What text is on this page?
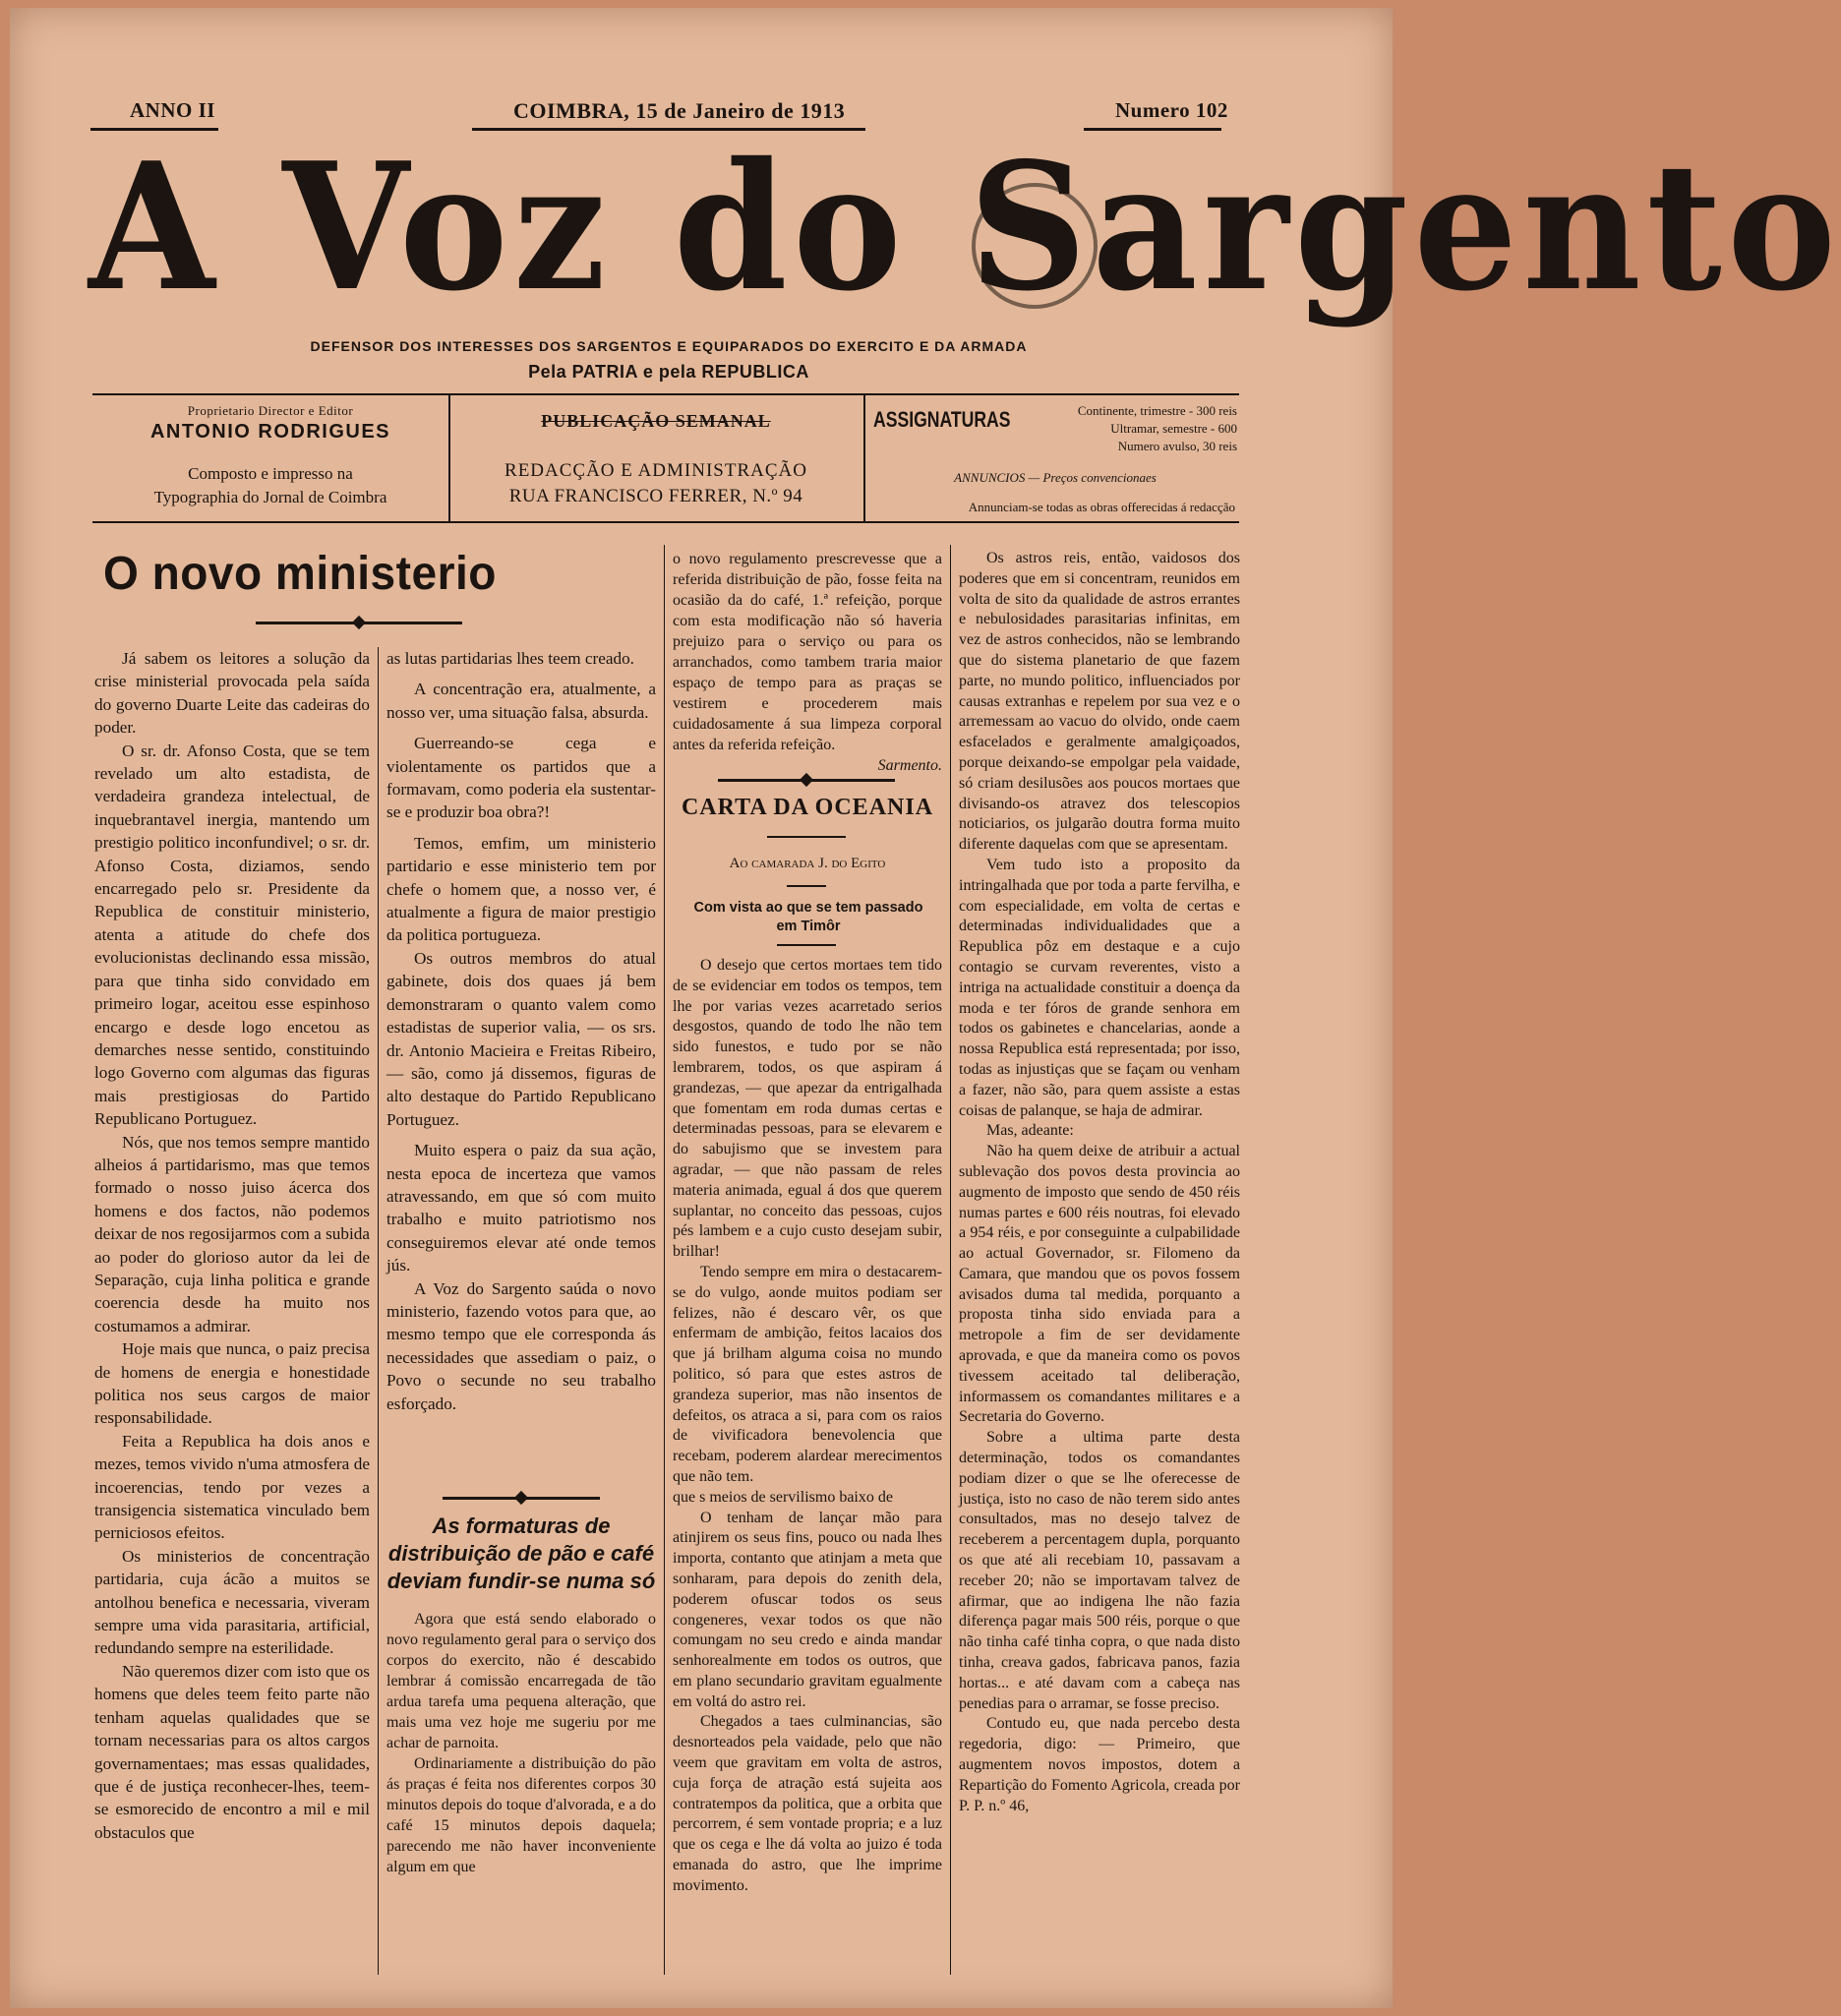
ANNO II	COIMBRA, 15 de Janeiro de 1913	Numero 102
A Voz do Sargento
DEFENSOR DOS INTERESSES DOS SARGENTOS E EQUIPARADOS DO EXERCITO E DA ARMADA
Pela PATRIA e pela REPUBLICA
Proprietario Director e Editor
ANTONIO RODRIGUES
Composto e impresso na
Typographia do Jornal de Coimbra
PUBLICAÇÃO SEMANAL
REDACÇÃO E ADMINISTRAÇÃO
RUA FRANCISCO FERRER, N.º 94
ASSIGNATURAS	Continente, trimestre - 300 reis
Ultramar, semestre - 600
Numero avulso, 30 reis
ANNUNCIOS — Preços convencionaes
Annunciam-se todas as obras offerecidas á redacção
O novo ministerio

Já sabem os leitores a solução da crise ministerial provocada pela saída do governo Duarte Leite das cadeiras do poder.

O sr. dr. Afonso Costa, que se tem revelado um alto estadista, de verdadeira grandeza intelectual, de inquebrantavel inergia, mantendo um prestigio politico inconfundivel; o sr. dr. Afonso Costa, diziamos, sendo encarregado pelo sr. Presidente da Republica de constituir ministerio, atenta a atitude do chefe dos evolucionistas declinando essa missão, para que tinha sido convidado em primeiro logar, aceitou esse espinhoso encargo e desde logo encetou as demarches nesse sentido, constituindo logo Governo com algumas das figuras mais prestigiosas do Partido Republicano Portuguez.

Nós, que nos temos sempre mantido alheios á partidarismo, mas que temos formado o nosso juiso ácerca dos homens e dos factos, não podemos deixar de nos regosijarmos com a subida ao poder do glorioso autor da lei de Separação, cuja linha politica e grande coerencia desde ha muito nos costumamos a admirar.

Hoje mais que nunca, o paiz precisa de homens de energia e honestidade politica nos seus cargos de maior responsabilidade.

Feita a Republica ha dois anos e mezes, temos vivido n'uma atmosfera de incoerencias, tendo por vezes a transigencia sistematica vinculado bem perniciosos efeitos.

Os ministerios de concentração partidaria, cuja ácão a muitos se antolhou benefica e necessaria, viveram sempre uma vida parasitaria, artificial, redundando sempre na esterilidade.

Não queremos dizer com isto que os homens que deles teem feito parte não tenham aquelas qualidades que se tornam necessarias para os altos cargos governamentaes; mas essas qualidades, que é de justiça reconhecer-lhes, teem-se esmorecido de encontro a mil e mil obstaculos que

as lutas partidarias lhes teem creado.

A concentração era, atualmente, a nosso ver, uma situação falsa, absurda.

Guerreando-se cega e violentamente os partidos que a formavam, como poderia ela sustentar-se e produzir boa obra?!

Temos, emfim, um ministerio partidario e esse ministerio tem por chefe o homem que, a nosso ver, é atualmente a figura de maior prestigio da politica portugueza.

Os outros membros do atual gabinete, dois dos quaes já bem demonstraram o quanto valem como estadistas de superior valia, — os srs. dr. Antonio Macieira e Freitas Ribeiro, — são, como já dissemos, figuras de alto destaque do Partido Republicano Portuguez.

Muito espera o paiz da sua ação, nesta epoca de incerteza que vamos atravessando, em que só com muito trabalho e muito patriotismo nos conseguiremos elevar até onde temos jús.

A Voz do Sargento saúda o novo ministerio, fazendo votos para que, ao mesmo tempo que ele corresponda ás necessidades que assediam o paiz, o Povo o secunde no seu trabalho esforçado.

As formaturas de distribuição de pão e café deviam fundir-se numa só

Agora que está sendo elaborado o novo regulamento geral para o serviço dos corpos do exercito, não é descabido lembrar á comissão encarregada de tão ardua tarefa uma pequena alteração, que mais uma vez hoje me sugeriu por me achar de parnoita.

Ordinariamente a distribuição do pão ás praças é feita nos diferentes corpos 30 minutos depois do toque d'alvorada, e a do café 15 minutos depois daquela; parecendo me não haver inconveniente algum em que

o novo regulamento prescrevesse que a referida distribuição de pão, fosse feita na ocasião da do café, 1.ª refeição, porque com esta modificação não só haveria prejuizo para o serviço ou para os arranchados, como tambem traria maior espaço de tempo para as praças se vestirem e procederem mais cuidadosamente á sua limpeza corporal antes da referida refeição.

Sarmento.

CARTA DA OCEANIA
Ao camarada J. do Egito
Com vista ao que se tem passado em Timôr

O desejo que certos mortaes tem tido de se evidenciar em todos os tempos, tem lhe por varias vezes acarretado serios desgostos, quando de todo lhe não tem sido funestos, e tudo por se não lembrarem, todos, os que aspiram á grandezas, — que apezar da entrigalhada que fomentam em roda dumas certas e determinadas pessoas, para se elevarem e do sabujismo que se investem para agradar, — que não passam de reles materia animada, egual á dos que querem suplantar, no conceito das pessoas, cujos pés lambem e a cujo custo desejam subir, brilhar!

Tendo sempre em mira o destacarem-se do vulgo, aonde muitos podiam ser felizes, não é descaro vêr, os que enfermam de ambição, feitos lacaios dos que já brilham alguma coisa no mundo politico, só para que estes astros de grandeza superior, mas não insentos de defeitos, os atraca a si, para com os raios de vivificadora benevolencia que recebam, poderem alardear merecimentos que não tem.

que s meios de servilismo baixo de

O tenham de lançar mão para atinjirem os seus fins, pouco ou nada lhes importa, contanto que atinjam a meta que sonharam, para depois do zenith dela, poderem ofuscar todos os seus congeneres, vexar todos os que não comungam no seu credo e ainda mandar senhorealmente em todos os outros, que em plano secundario gravitam egualmente em voltá do astro rei.

Chegados a taes culminancias, são desnorteados pela vaidade, pelo que não veem que gravitam em volta de astros, cuja força de atração está sujeita aos contratempos da politica, que a orbita que percorrem, é sem vontade propria; e a luz que os cega e lhe dá volta ao juizo é toda emanada do astro, que lhe imprime movimento.

Os astros reis, então, vaidosos dos poderes que em si concentram, reunidos em volta de sito da qualidade de astros errantes e nebulosidades parasitarias infinitas, em vez de astros conhecidos, não se lembrando que do sistema planetario de que fazem parte, no mundo politico, influenciados por causas extranhas e repelem por sua vez e o arremessam ao vacuo do olvido, onde caem esfacelados e geralmente amalgiçoados, porque deixando-se empolgar pela vaidade, só criam desilusões aos poucos mortaes que divisando-os atravez dos telescopios noticiarios, os julgarão doutra forma muito diferente daquelas com que se apresentam.

Vem tudo isto a proposito da intringalhada que por toda a parte fervilha, e com especialidade, em volta de certas e determinadas individualidades que a Republica pôz em destaque e a cujo contagio se curvam reverentes, visto a intriga na actualidade constituir a doença da moda e ter fóros de grande senhora em todos os gabinetes e chancelarias, aonde a nossa Republica está representada; por isso, todas as injustiças que se façam ou venham a fazer, não são, para quem assiste a estas coisas de palanque, se haja de admirar.

Mas, adeante:

Não ha quem deixe de atribuir a actual sublevação dos povos desta provincia ao augmento de imposto que sendo de 450 réis numas partes e 600 réis noutras, foi elevado a 954 réis, e por conseguinte a culpabilidade ao actual Governador, sr. Filomeno da Camara, que mandou que os povos fossem avisados duma tal medida, porquanto a proposta tinha sido enviada para a metropole a fim de ser devidamente aprovada, e que da maneira como os povos tivessem aceitado tal deliberação, informassem os comandantes militares e a Secretaria do Governo.

Sobre a ultima parte desta determinação, todos os comandantes podiam dizer o que se lhe oferecesse de justiça, isto no caso de não terem sido antes consultados, mas no desejo talvez de receberem a percentagem dupla, porquanto os que até ali recebiam 10, passavam a receber 20; não se importavam talvez de afirmar, que ao indigena lhe não fazia diferença pagar mais 500 réis, porque o que não tinha café tinha copra, o que nada disto tinha, creava gados, fabricava panos, fazia hortas... e até davam com a cabeça nas penedias para o arramar, se fosse preciso.

Contudo eu, que nada percebo desta regedoria, digo: — Primeiro, que augmentem novos impostos, dotem a Repartição do Fomento Agricola, creada por P. P. n.º 46,
